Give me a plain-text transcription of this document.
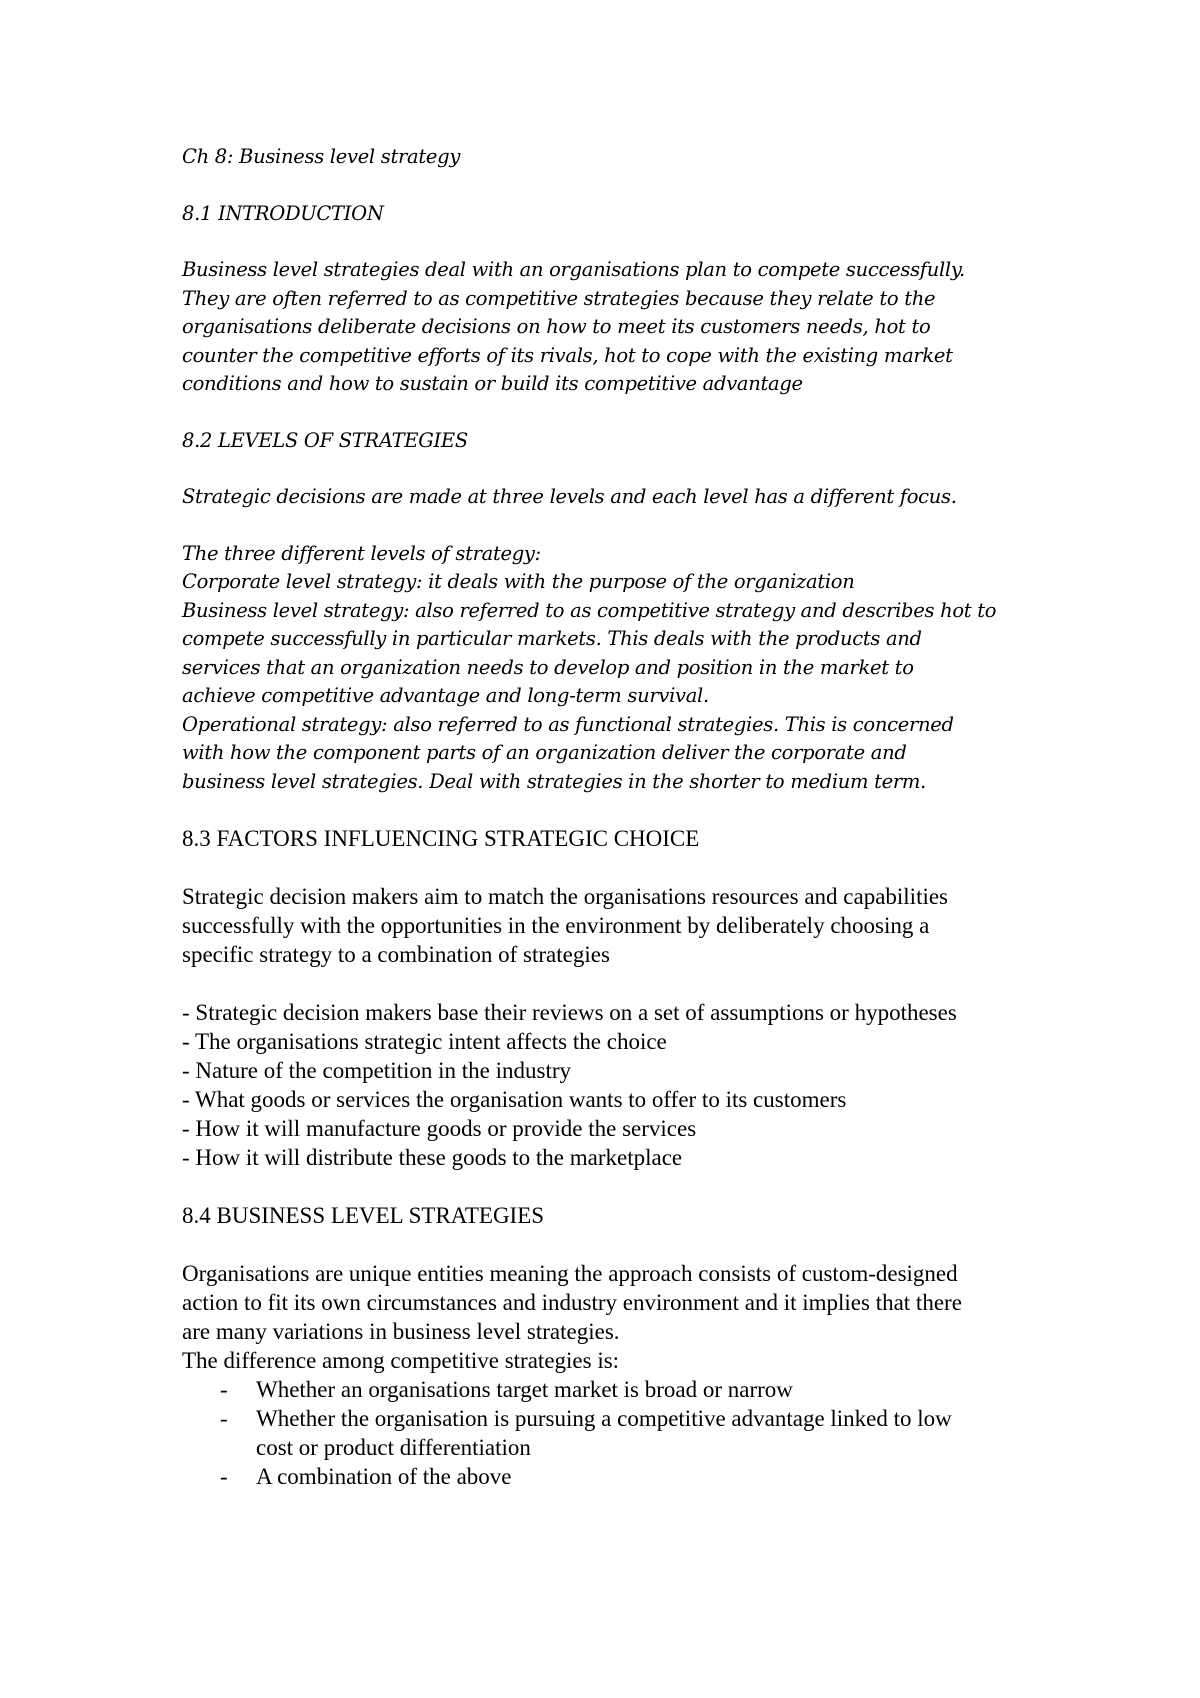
Ch 8: Business level strategy

8.1 INTRODUCTION

Business level strategies deal with an organisations plan to compete successfully.

They are often referred to as competitive strategies because they relate to the

organisations deliberate decisions on how to meet its customers needs, hot to

counter the competitive efforts of its rivals, hot to cope with the existing market

conditions and how to sustain or build its competitive advantage

8.2 LEVELS OF STRATEGIES

Strategic decisions are made at three levels and each level has a different focus.

The three different levels of strategy:

Corporate level strategy: it deals with the purpose of the organization

Business level strategy: also referred to as competitive strategy and describes hot to

compete successfully in particular markets. This deals with the products and

services that an organization needs to develop and position in the market to

achieve competitive advantage and long-term survival.

Operational strategy: also referred to as functional strategies. This is concerned

with how the component parts of an organization deliver the corporate and

business level strategies. Deal with strategies in the shorter to medium term.

8.3 FACTORS INFLUENCING STRATEGIC CHOICE

Strategic decision makers aim to match the organisations resources and capabilities

successfully with the opportunities in the environment by deliberately choosing a

specific strategy to a combination of strategies

- Strategic decision makers base their reviews on a set of assumptions or hypotheses

- The organisations strategic intent affects the choice

- Nature of the competition in the industry

- What goods or services the organisation wants to offer to its customers

- How it will manufacture goods or provide the services

- How it will distribute these goods to the marketplace

8.4 BUSINESS LEVEL STRATEGIES

Organisations are unique entities meaning the approach consists of custom-designed

action to fit its own circumstances and industry environment and it implies that there

are many variations in business level strategies.

The difference among competitive strategies is:

- Whether an organisations target market is broad or narrow
- Whether the organisation is pursuing a competitive advantage linked to low
cost or product differentiation
- A combination of the above
